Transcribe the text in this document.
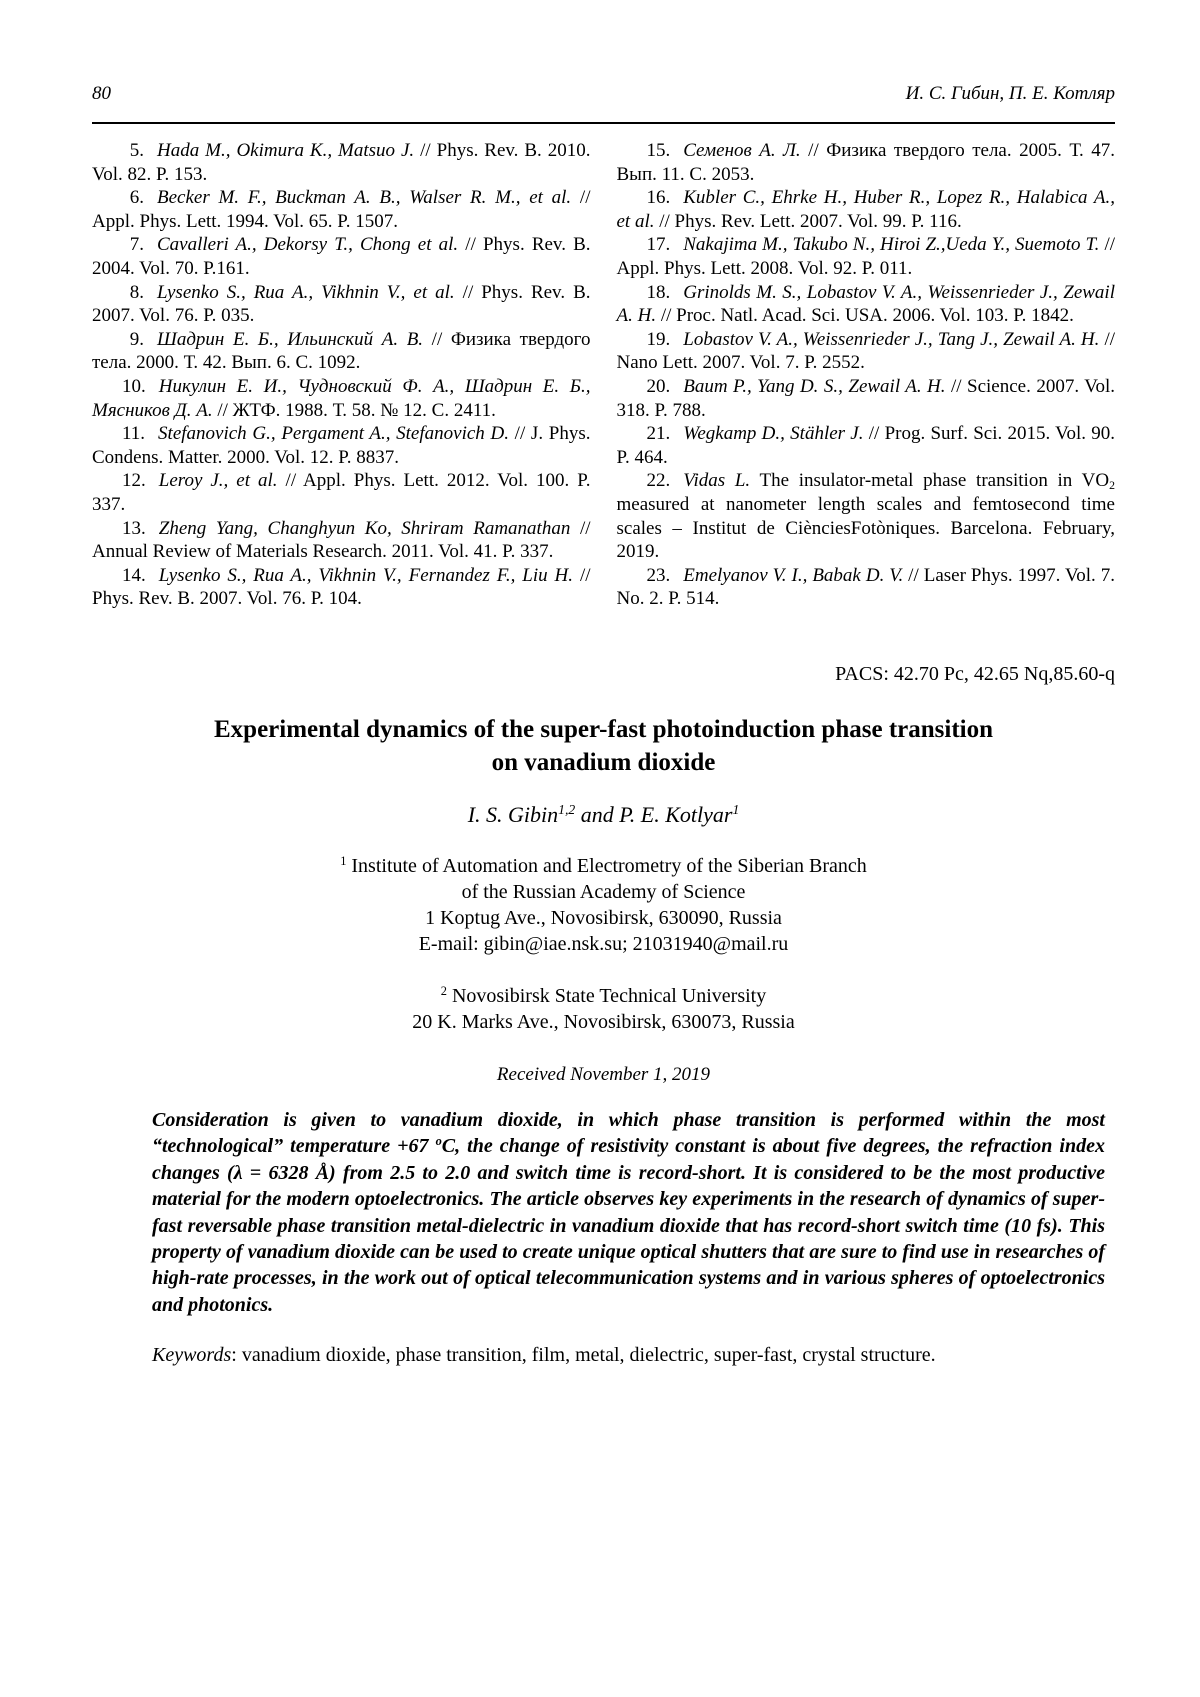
80	И. С. Гибин, П. Е. Котляр

5. Hada M., Okimura K., Matsuo J. // Phys. Rev. B. 2010. Vol. 82. P. 153.

6. Becker M. F., Buckman A. B., Walser R. M., et al. // Appl. Phys. Lett. 1994. Vol. 65. P. 1507.

7. Cavalleri A., Dekorsy T., Chong et al. // Phys. Rev. B. 2004. Vol. 70. P.161.

8. Lysenko S., Rua A., Vikhnin V., et al. // Phys. Rev. B. 2007. Vol. 76. P. 035.

9. Шадрин Е. Б., Ильинский А. В. // Физика твердого тела. 2000. Т. 42. Вып. 6. С. 1092.

10. Никулин Е. И., Чудновский Ф. А., Шадрин Е. Б., Мясников Д. А. // ЖТФ. 1988. Т. 58. № 12. С. 2411.

11. Stefanovich G., Pergament A., Stefanovich D. // J. Phys. Condens. Matter. 2000. Vol. 12. P. 8837.

12. Leroy J., et al. // Appl. Phys. Lett. 2012. Vol. 100. P. 337.

13. Zheng Yang, Changhyun Ko, Shriram Ramanathan // Annual Review of Materials Research. 2011. Vol. 41. P. 337.

14. Lysenko S., Rua A., Vikhnin V., Fernandez F., Liu H. // Phys. Rev. B. 2007. Vol. 76. P. 104.

15. Семенов А. Л. // Физика твердого тела. 2005. Т. 47. Вып. 11. С. 2053.

16. Kubler C., Ehrke H., Huber R., Lopez R., Halabica A., et al. // Phys. Rev. Lett. 2007. Vol. 99. P. 116.

17. Nakajima M., Takubo N., Hiroi Z.,Ueda Y., Suemoto T. // Appl. Phys. Lett. 2008. Vol. 92. P. 011.

18. Grinolds M. S., Lobastov V. A., Weissenrieder J., Zewail A. H. // Proc. Natl. Acad. Sci. USA. 2006. Vol. 103. P. 1842.

19. Lobastov V. A., Weissenrieder J., Tang J., Zewail A. H. // Nano Lett. 2007. Vol. 7. P. 2552.

20. Baum P., Yang D. S., Zewail A. H. // Science. 2007. Vol. 318. P. 788.

21. Wegkamp D., Stähler J. // Prog. Surf. Sci. 2015. Vol. 90. P. 464.

22. Vidas L. The insulator-metal phase transition in $VO_2$ measured at nanometer length scales and femtosecond time scales – Institut de CiènciesFotòniques. Barcelona. February, 2019.

23. Emelyanov V. I., Babak D. V. // Laser Phys. 1997. Vol. 7. No. 2. P. 514.

PACS: 42.70 Pc, 42.65 Nq,85.60-q
Experimental dynamics of the super-fast photoinduction phase transition
on vanadium dioxide
I. S. Gibin$^{1,2}$ and P. E. Kotlyar$^1$
$^1$ Institute of Automation and Electrometry of the Siberian Branch
of the Russian Academy of Science
1 Koptug Ave., Novosibirsk, 630090, Russia
E-mail: gibin@iae.nsk.su; 21031940@mail.ru
$^2$ Novosibirsk State Technical University
20 K. Marks Ave., Novosibirsk, 630073, Russia
Received November 1, 2019

Consideration is given to vanadium dioxide, in which phase transition is performed within the most “technological” temperature +67 $^o$C, the change of resistivity constant is about five degrees, the refraction index changes (λ = 6328 Å) from 2.5 to 2.0 and switch time is record-short. It is considered to be the most productive material for the modern optoelectronics. The article observes key experiments in the research of dynamics of super-fast reversable phase transition metal-dielectric in vanadium dioxide that has record-short switch time (10 fs). This property of vanadium dioxide can be used to create unique optical shutters that are sure to find use in researches of high-rate processes, in the work out of optical telecommunication systems and in various spheres of optoelectronics and photonics.

Keywords: vanadium dioxide, phase transition, film, metal, dielectric, super-fast, crystal structure.
